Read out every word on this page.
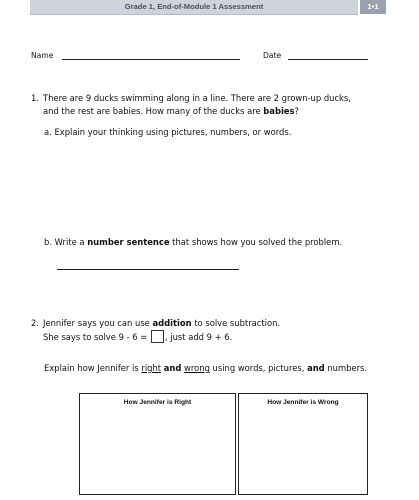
Grade 1, End-of-Module 1 Assessment	1•1
Name	Date
1. There are 9 ducks swimming along in a line. There are 2 grown-up ducks,
and the rest are babies. How many of the ducks are babies?
a. Explain your thinking using pictures, numbers, or words.
b. Write a number sentence that shows how you solved the problem.
2. Jennifer says you can use addition to solve subtraction.
She says to solve 9 - 6 = , just add 9 + 6.
Explain how Jennifer is right and wrong using words, pictures, and numbers.
How Jennifer is Right	How Jennifer is Wrong
